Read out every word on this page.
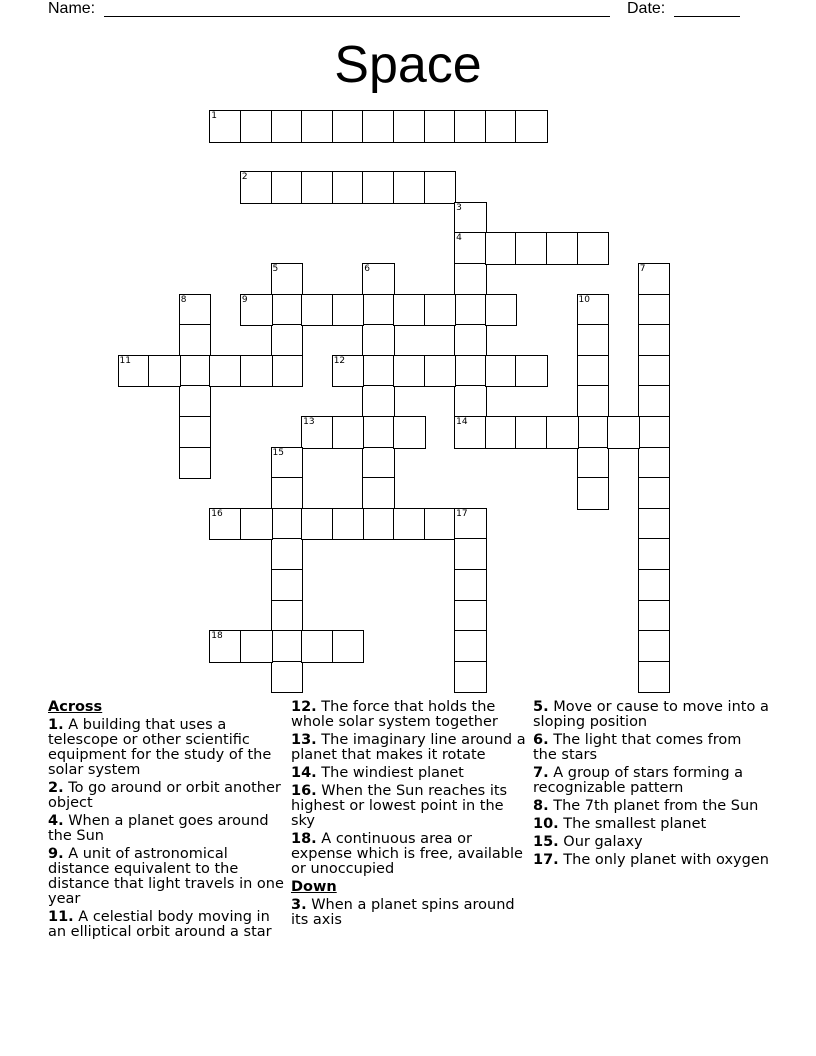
Name:	Date:
Space
1
2
3
4
14
5	6	7
8	9	10
11	12
13
15
16	17
18
Across
1. A building that uses a telescope or other scientific equipment for the study of the solar system
2. To go around or orbit another object
4. When a planet goes around the Sun
9. A unit of astronomical distance equivalent to the distance that light travels in one year
11. A celestial body moving in an elliptical orbit around a star
12. The force that holds the whole solar system together
13. The imaginary line around a planet that makes it rotate
14. The windiest planet
16. When the Sun reaches its highest or lowest point in the sky
18. A continuous area or expense which is free, available or unoccupied
Down
3. When a planet spins around its axis
5. Move or cause to move into a sloping position
6. The light that comes from the stars
7. A group of stars forming a recognizable pattern
8. The 7th planet from the Sun
10. The smallest planet
15. Our galaxy
17. The only planet with oxygen
